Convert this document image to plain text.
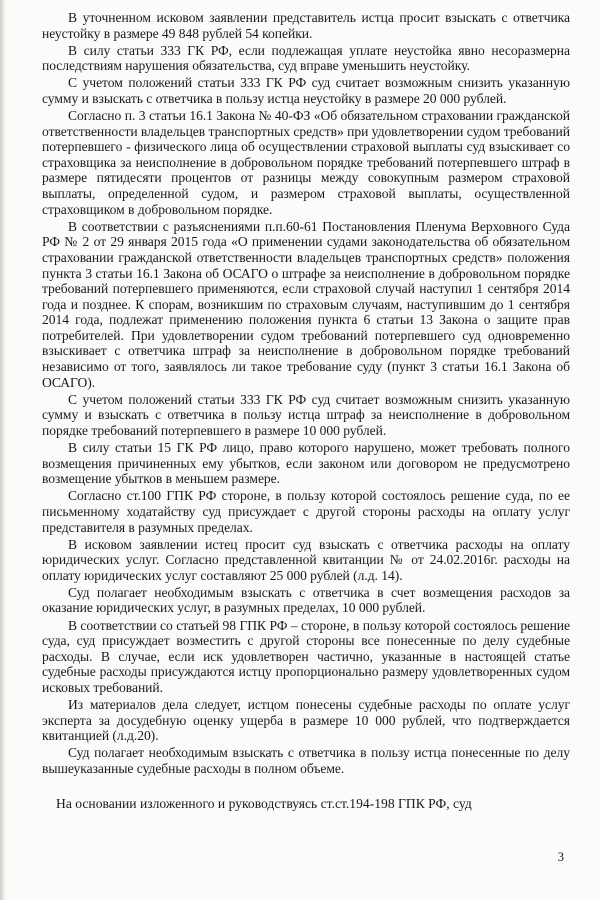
В уточненном исковом заявлении представитель истца просит взыскать с ответчика неустойку в размере 49 848 рублей 54 копейки.

В силу статьи 333 ГК РФ, если подлежащая уплате неустойка явно несоразмерна последствиям нарушения обязательства, суд вправе уменьшить неустойку.

С учетом положений статьи 333 ГК РФ суд считает возможным снизить указанную сумму и взыскать с ответчика в пользу истца неустойку в размере 20 000 рублей.

Согласно п. 3 статьи 16.1 Закона № 40-ФЗ «Об обязательном страховании гражданской ответственности владельцев транспортных средств» при удовлетворении судом требований потерпевшего - физического лица об осуществлении страховой выплаты суд взыскивает со страховщика за неисполнение в добровольном порядке требований потерпевшего штраф в размере пятидесяти процентов от разницы между совокупным размером страховой выплаты, определенной судом, и размером страховой выплаты, осуществленной страховщиком в добровольном порядке.

В соответствии с разъяснениями п.п.60-61 Постановления Пленума Верховного Суда РФ № 2 от 29 января 2015 года «О применении судами законодательства об обязательном страховании гражданской ответственности владельцев транспортных средств» положения пункта 3 статьи 16.1 Закона об ОСАГО о штрафе за неисполнение в добровольном порядке требований потерпевшего применяются, если страховой случай наступил 1 сентября 2014 года и позднее. К спорам, возникшим по страховым случаям, наступившим до 1 сентября 2014 года, подлежат применению положения пункта 6 статьи 13 Закона о защите прав потребителей. При удовлетворении судом требований потерпевшего суд одновременно взыскивает с ответчика штраф за неисполнение в добровольном порядке требований независимо от того, заявлялось ли такое требование суду (пункт 3 статьи 16.1 Закона об ОСАГО).

С учетом положений статьи 333 ГК РФ суд считает возможным снизить указанную сумму и взыскать с ответчика в пользу истца штраф за неисполнение в добровольном порядке требований потерпевшего в размере 10 000 рублей.

В силу статьи 15 ГК РФ лицо, право которого нарушено, может требовать полного возмещения причиненных ему убытков, если законом или договором не предусмотрено возмещение убытков в меньшем размере.

Согласно ст.100 ГПК РФ стороне, в пользу которой состоялось решение суда, по ее письменному ходатайству суд присуждает с другой стороны расходы на оплату услуг представителя в разумных пределах.

В исковом заявлении истец просит суд взыскать с ответчика расходы на оплату юридических услуг. Согласно представленной квитанции № от 24.02.2016г. расходы на оплату юридических услуг составляют 25 000 рублей (л.д. 14).

Суд полагает необходимым взыскать с ответчика в счет возмещения расходов за оказание юридических услуг, в разумных пределах, 10 000 рублей.

В соответствии со статьей 98 ГПК РФ – стороне, в пользу которой состоялось решение суда, суд присуждает возместить с другой стороны все понесенные по делу судебные расходы. В случае, если иск удовлетворен частично, указанные в настоящей статье судебные расходы присуждаются истцу пропорционально размеру удовлетворенных судом исковых требований.

Из материалов дела следует, истцом понесены судебные расходы по оплате услуг эксперта за досудебную оценку ущерба в размере 10 000 рублей, что подтверждается квитанцией (л.д.20).

Суд полагает необходимым взыскать с ответчика в пользу истца понесенные по делу вышеуказанные судебные расходы в полном объеме.

На основании изложенного и руководствуясь ст.ст.194-198 ГПК РФ, суд

3
